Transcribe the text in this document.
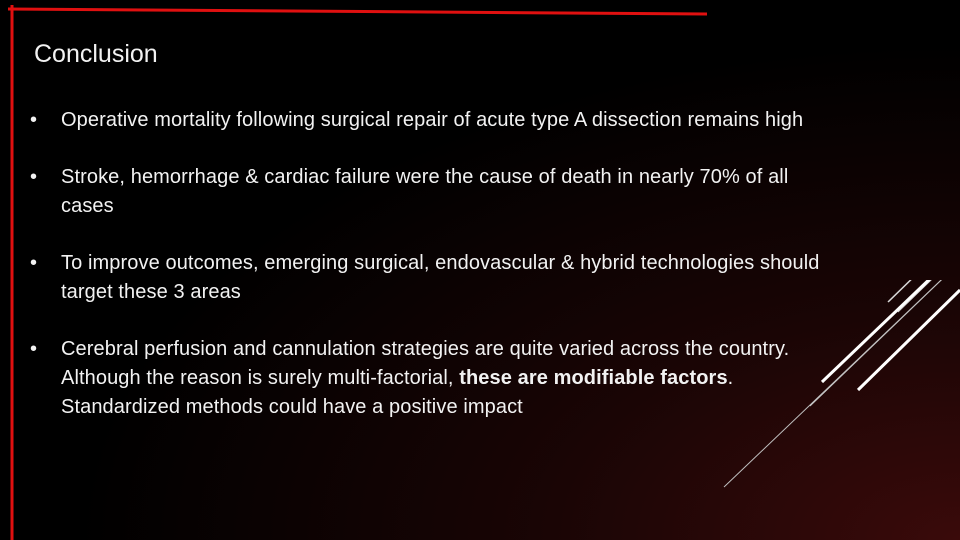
Conclusion
• Operative mortality following surgical repair of acute type A dissection remains high
• Stroke, hemorrhage & cardiac failure were the cause of death in nearly 70% of all cases
• To improve outcomes, emerging surgical, endovascular & hybrid technologies should target these 3 areas
• Cerebral perfusion and cannulation strategies are quite varied across the country. Although the reason is surely multi-factorial, these are modifiable factors. Standardized methods could have a positive impact
